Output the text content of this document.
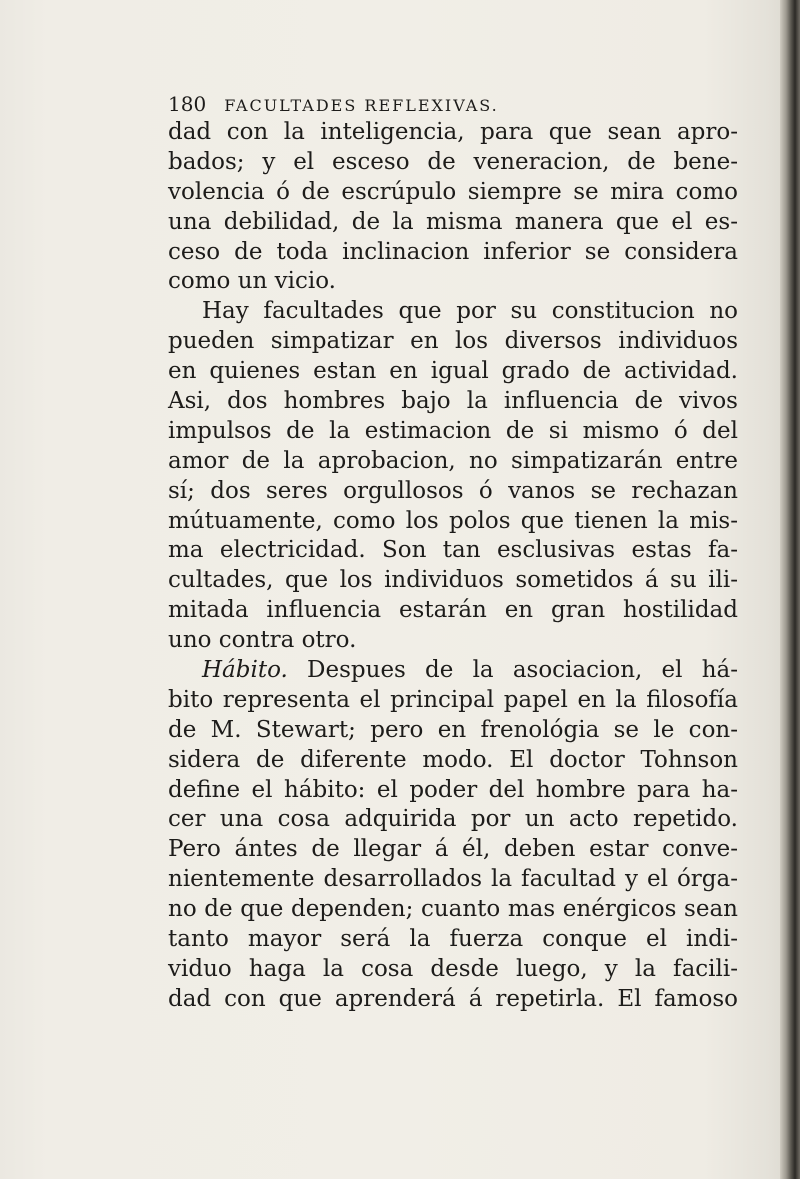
180 FACULTADES REFLEXIVAS.
dad con la inteligencia, para que sean apro-
bados; y el esceso de veneracion, de bene-
volencia ó de escrúpulo siempre se mira como
una debilidad, de la misma manera que el es-
ceso de toda inclinacion inferior se considera
como un vicio.
Hay facultades que por su constitucion no
pueden simpatizar en los diversos individuos
en quienes estan en igual grado de actividad.
Asi, dos hombres bajo la influencia de vivos
impulsos de la estimacion de si mismo ó del
amor de la aprobacion, no simpatizarán entre
sí; dos seres orgullosos ó vanos se rechazan
mútuamente, como los polos que tienen la mis-
ma electricidad. Son tan esclusivas estas fa-
cultades, que los individuos sometidos á su ili-
mitada influencia estarán en gran hostilidad
uno contra otro.
Hábito. Despues de la asociacion, el há-
bito representa el principal papel en la filosofía
de M. Stewart; pero en frenológia se le con-
sidera de diferente modo. El doctor Tohnson
define el hábito: el poder del hombre para ha-
cer una cosa adquirida por un acto repetido.
Pero ántes de llegar á él, deben estar conve-
nientemente desarrollados la facultad y el órga-
no de que dependen; cuanto mas enérgicos sean
tanto mayor será la fuerza conque el indi-
viduo haga la cosa desde luego, y la facili-
dad con que aprenderá á repetirla. El famoso
